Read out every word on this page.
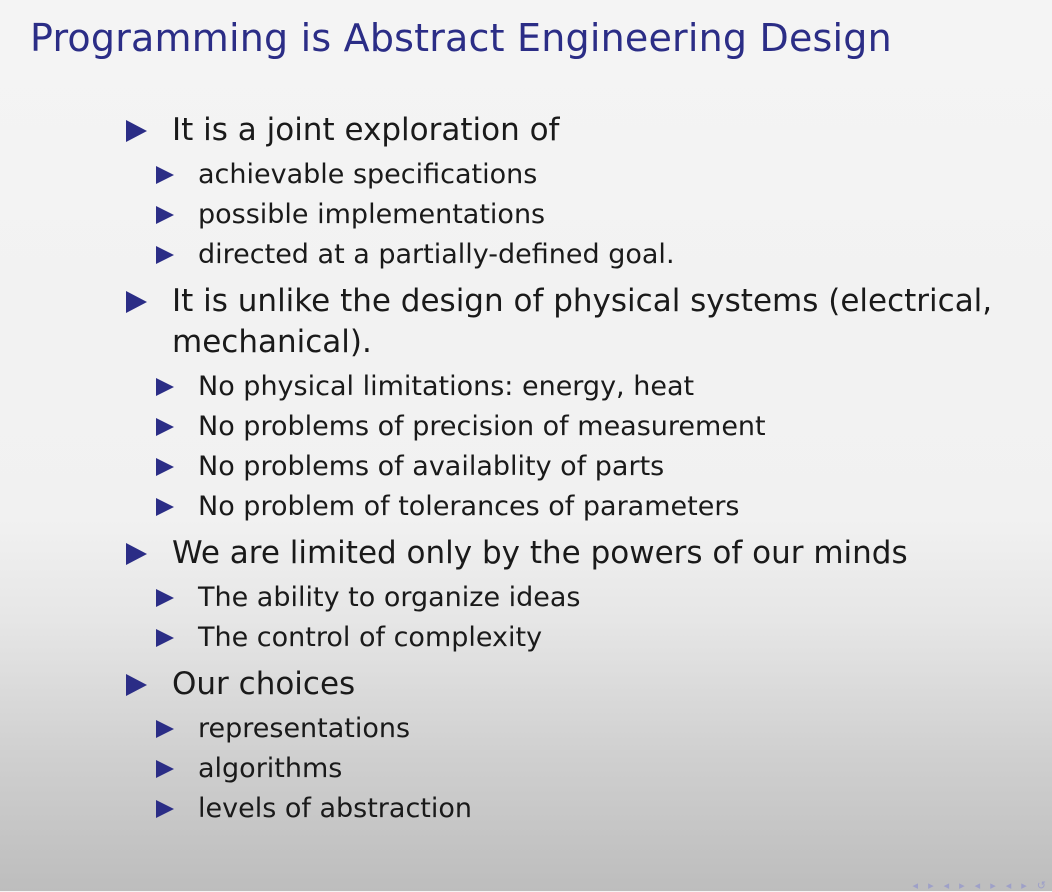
Programming is Abstract Engineering Design
It is a joint exploration of
achievable specifications
possible implementations
directed at a partially-defined goal.
It is unlike the design of physical systems (electrical, mechanical).
No physical limitations: energy, heat
No problems of precision of measurement
No problems of availablity of parts
No problem of tolerances of parameters
We are limited only by the powers of our minds
The ability to organize ideas
The control of complexity
Our choices
representations
algorithms
levels of abstraction
◂ ▸ ◂ ▸ ◂ ▸ ◂ ▸ ↺
